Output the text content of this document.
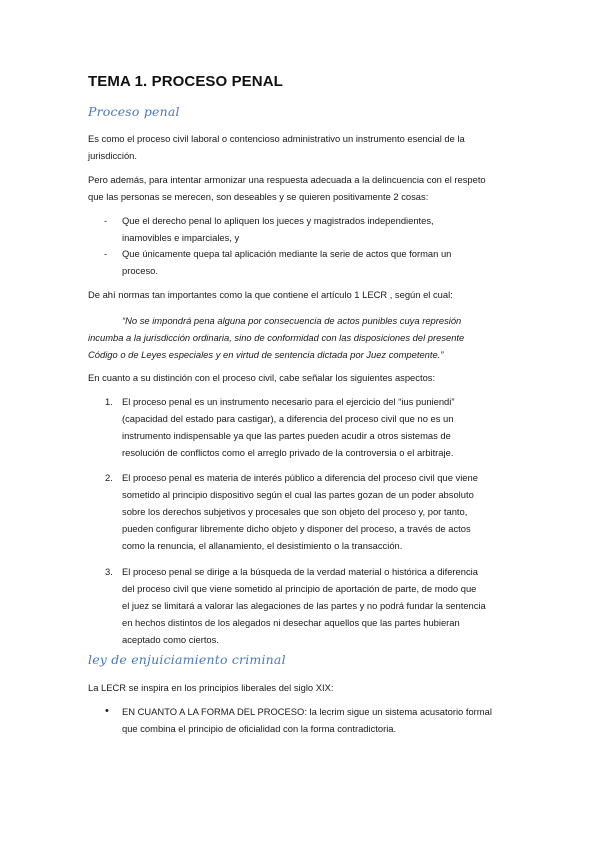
TEMA 1. PROCESO PENAL
Proceso penal
Es como el proceso civil laboral o contencioso administrativo un instrumento esencial de la
jurisdicción.
Pero además, para intentar armonizar una respuesta adecuada a la delincuencia con el respeto
que las personas se merecen, son deseables y se quieren positivamente 2 cosas:
- Que el derecho penal lo apliquen los jueces y magistrados independientes,
inamovibles e imparciales, y
- Que únicamente quepa tal aplicación mediante la serie de actos que forman un
proceso.
De ahí normas tan importantes como la que contiene el artículo 1 LECR , según el cual:
“No se impondrá pena alguna por consecuencia de actos punibles cuya represión
incumba a la jurisdicción ordinaria, sino de conformidad con las disposiciones del presente
Código o de Leyes especiales y en virtud de sentencia dictada por Juez competente.”
En cuanto a su distinción con el proceso civil, cabe señalar los siguientes aspectos:
1. El proceso penal es un instrumento necesario para el ejercicio del “ius puniendi”
(capacidad del estado para castigar), a diferencia del proceso civil que no es un
instrumento indispensable ya que las partes pueden acudir a otros sistemas de
resolución de conflictos como el arreglo privado de la controversia o el arbitraje.
2. El proceso penal es materia de interés público a diferencia del proceso civil que viene
sometido al principio dispositivo según el cual las partes gozan de un poder absoluto
sobre los derechos subjetivos y procesales que son objeto del proceso y, por tanto,
pueden configurar libremente dicho objeto y disponer del proceso, a través de actos
como la renuncia, el allanamiento, el desistimiento o la transacción.
3. El proceso penal se dirige a la búsqueda de la verdad material o histórica a diferencia
del proceso civil que viene sometido al principio de aportación de parte, de modo que
el juez se limitará a valorar las alegaciones de las partes y no podrá fundar la sentencia
en hechos distintos de los alegados ni desechar aquellos que las partes hubieran
aceptado como ciertos.
ley de enjuiciamiento criminal
La LECR se inspira en los principios liberales del siglo XIX:
• EN CUANTO A LA FORMA DEL PROCESO: la lecrim sigue un sistema acusatorio formal
que combina el principio de oficialidad con la forma contradictoria.
